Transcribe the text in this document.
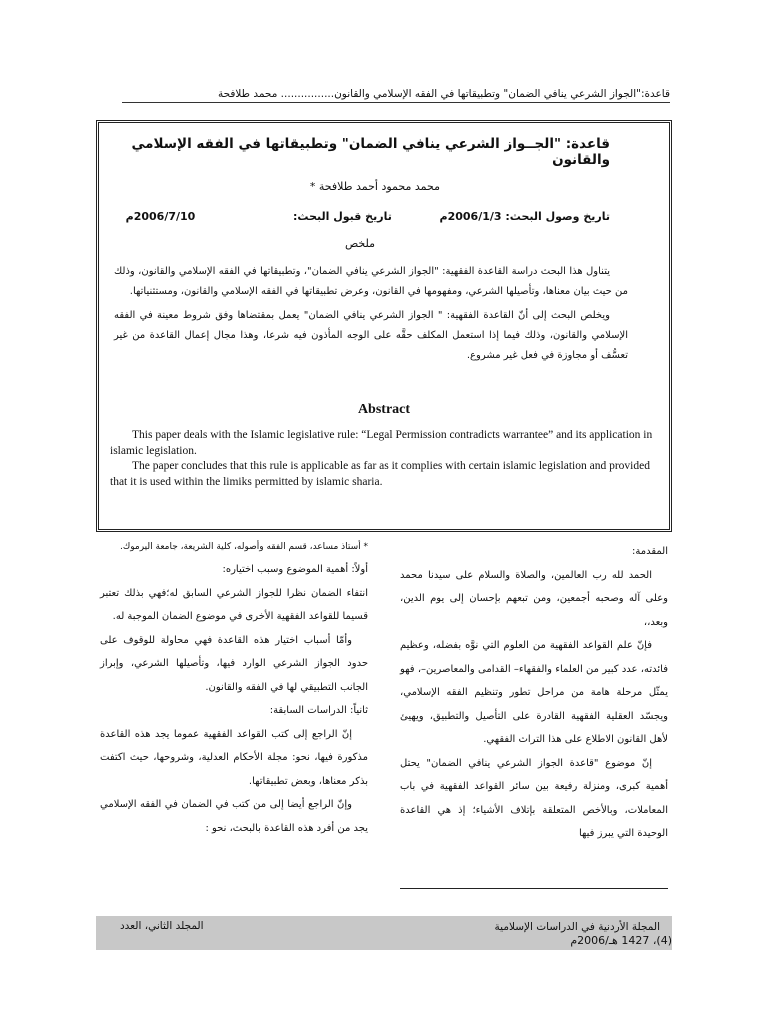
قاعدة:"الجواز الشرعي ينافي الضمان" وتطبيقاتها في الفقه الإسلامي والقانون................ محمد طلافحة
قاعدة: "الجــواز الشرعي ينافي الضمان" وتطبيقاتها في الفقه الإسلامي والقانون
محمد محمود أحمد طلافحة *
تاريخ وصول البحث: 2006/1/3م  تاريخ قبول البحث:  2006/7/10م
ملخص

يتناول هذا البحث دراسة القاعدة الفقهية: "الجواز الشرعي ينافي الضمان"، وتطبيقاتها في الفقه الإسلامي والقانون، وذلك من حيث بيان معناها، وتأصيلها الشرعي، ومفهومها في القانون، وعرض تطبيقاتها في الفقه الإسلامي والقانون، ومستثنياتها.

ويخلص البحث إلى أنّ القاعدة الفقهية: " الجواز الشرعي ينافي الضمان" يعمل بمقتضاها وفق شروط معينة في الفقه الإسلامي والقانون، وذلك فيما إذا استعمل المكلف حقَّه على الوجه المأذون فيه شرعا، وهذا مجال إعمال القاعدة من غير تعسُّف أو مجاوزة في فعل غير مشروع.

Abstract

This paper deals with the Islamic legislative rule: “Legal Permission contradicts warrantee” and its application in islamic legislation.

The paper concludes that this rule is applicable as far as it complies with certain islamic legislation and provided that it is used within the limiks permitted by islamic sharia.

المقدمة:

الحمد لله رب العالمين، والصلاة والسلام على سيدنا محمد وعلى آله وصحبه أجمعين، ومن تبعهم بإحسان إلى يوم الدين، وبعد،،

فإنّ علم القواعد الفقهية من العلوم التي نوَّه بفضله، وعظيم فائدته، عدد كبير من العلماء والفقهاء– القدامى والمعاصرين–، فهو يمثّل مرحلة هامة من مراحل تطور وتنظيم الفقه الإسلامي، ويجسّد العقلية الفقهية القادرة على التأصيل والتطبيق، ويهيئ لأهل القانون الاطلاع على هذا التراث الفقهي.

إنّ موضوع "قاعدة الجواز الشرعي ينافي الضمان" يحتل أهمية كبرى، ومنزلة رفيعة بين سائر القواعد الفقهية في باب المعاملات، وبالأخص المتعلقة بإتلاف الأشياء؛ إذ هي القاعدة الوحيدة التي يبرز فيها

* أستاذ مساعد، قسم الفقه وأصوله، كلية الشريعة، جامعة اليرموك.

أولاً: أهمية الموضوع وسبب اختياره:

انتفاء الضمان نظرا للجواز الشرعي السابق له؛فهي بذلك تعتبر قسيما للقواعد الفقهية الأخرى في موضوع الضمان الموجبة له.

وأمّا أسباب اختيار هذه القاعدة فهي محاولة للوقوف على حدود الجواز الشرعي الوارد فيها، وتأصيلها الشرعي، وإبراز الجانب التطبيقي لها في الفقه والقانون.

ثانياً: الدراسات السابقة:

إنّ الراجع إلى كتب القواعد الفقهية عموما يجد هذه القاعدة مذكورة فيها، نحو: مجلة الأحكام العدلية، وشروحها، حيث اكتفت بذكر معناها، وبعض تطبيقاتها.

وإنّ الراجع أيضا إلى من كتب في الضمان في الفقه الإسلامي يجد من أفرد هذه القاعدة بالبحث، نحو :

المجلة الأردنية في الدراسات الإسلامية
المجلد الثاني، العدد
(4)، 1427 هـ/2006م
